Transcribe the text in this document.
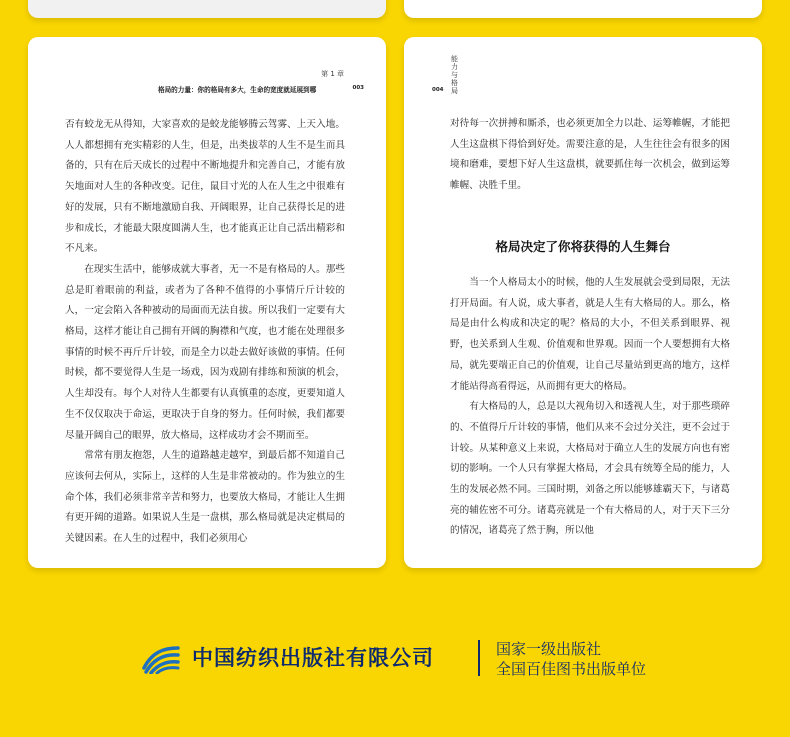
第 1 章
格局的力量：你的格局有多大，生命的宽度就延展到哪	003

否有蛟龙无从得知，大家喜欢的是蛟龙能够腾云驾雾、上天入地。人人都想拥有充实精彩的人生，但是，出类拔萃的人生不是生而具备的，只有在后天成长的过程中不断地提升和完善自己，才能有放矢地面对人生的各种改变。记住，鼠目寸光的人在人生之中很难有好的发展，只有不断地激励自我、开阔眼界，让自己获得长足的进步和成长，才能最大限度圆满人生，也才能真正让自己活出精彩和不凡来。

在现实生活中，能够成就大事者，无一不是有格局的人。那些总是盯着眼前的利益，或者为了各种不值得的小事情斤斤计较的人，一定会陷入各种被动的局面而无法自拔。所以我们一定要有大格局，这样才能让自己拥有开阔的胸襟和气度，也才能在处理很多事情的时候不再斤斤计较，而是全力以赴去做好该做的事情。任何时候，都不要觉得人生是一场戏，因为戏剧有排练和预演的机会，人生却没有。每个人对待人生都要有认真慎重的态度，更要知道人生不仅仅取决于命运，更取决于自身的努力。任何时候，我们都要尽量开阔自己的眼界，放大格局，这样成功才会不期而至。

常常有朋友抱怨，人生的道路越走越窄，到最后都不知道自己应该何去何从，实际上，这样的人生是非常被动的。作为独立的生命个体，我们必须非常辛苦和努力，也要放大格局，才能让人生拥有更开阔的道路。如果说人生是一盘棋，那么格局就是决定棋局的关键因素。在人生的过程中，我们必须用心

能力与格局
004

对待每一次拼搏和厮杀，也必须更加全力以赴、运筹帷幄，才能把人生这盘棋下得恰到好处。需要注意的是，人生往往会有很多的困境和磨难，要想下好人生这盘棋，就要抓住每一次机会，做到运筹帷幄、决胜千里。

格局决定了你将获得的人生舞台

当一个人格局太小的时候，他的人生发展就会受到局限，无法打开局面。有人说，成大事者，就是人生有大格局的人。那么，格局是由什么构成和决定的呢？格局的大小，不但关系到眼界、视野，也关系到人生观、价值观和世界观。因而一个人要想拥有大格局，就先要端正自己的价值观，让自己尽量站到更高的地方，这样才能站得高看得远，从而拥有更大的格局。

有大格局的人，总是以大视角切入和透视人生，对于那些琐碎的、不值得斤斤计较的事情，他们从来不会过分关注，更不会过于计较。从某种意义上来说，大格局对于确立人生的发展方向也有密切的影响。一个人只有掌握大格局，才会具有统筹全局的能力，人生的发展必然不同。三国时期，刘备之所以能够雄霸天下，与诸葛亮的辅佐密不可分。诸葛亮就是一个有大格局的人，对于天下三分的情况，诸葛亮了然于胸，所以他

中国纺织出版社有限公司	国家一级出版社
全国百佳图书出版单位
